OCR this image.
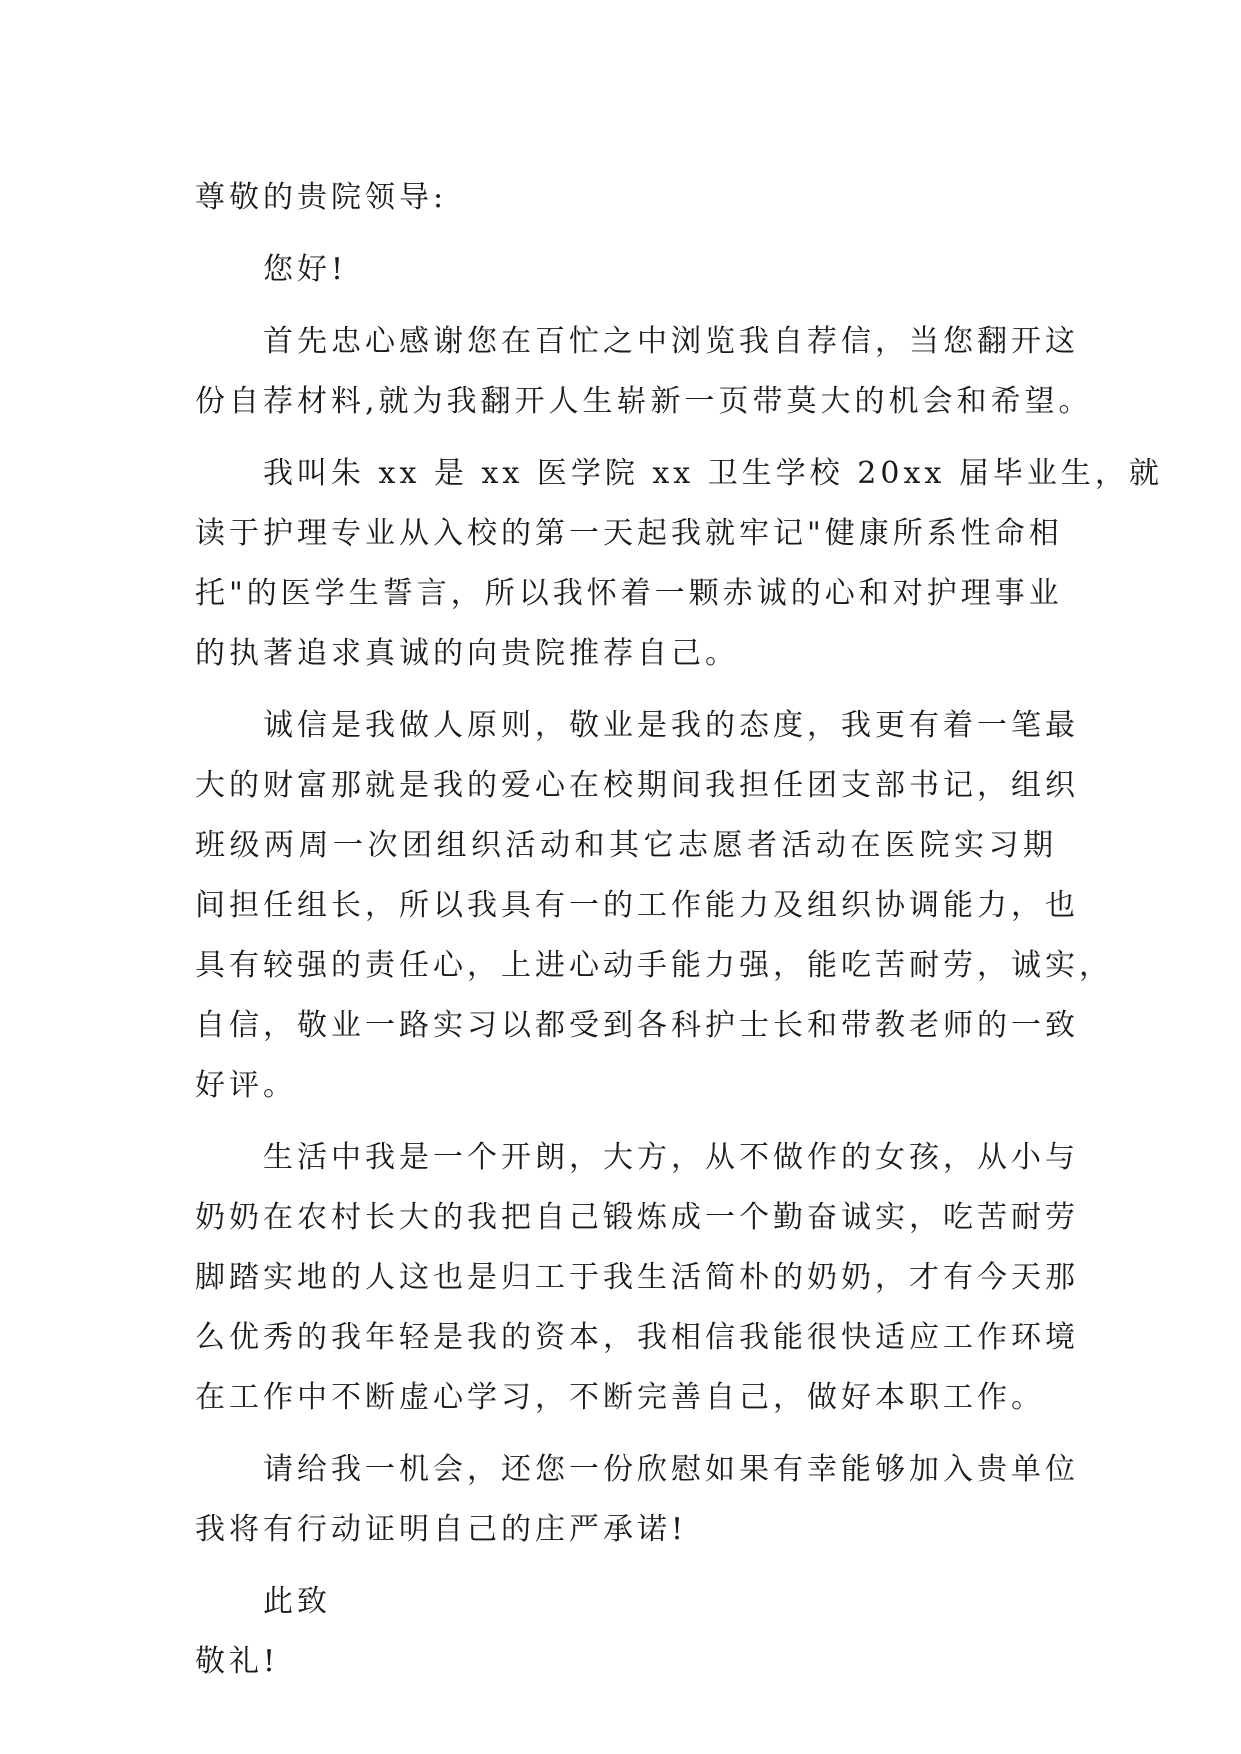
尊敬的贵院领导:
您好!
首先忠心感谢您在百忙之中浏览我自荐信，当您翻开这
份自荐材料,就为我翻开人生崭新一页带莫大的机会和希望。
我叫朱 xx 是 xx 医学院 xx 卫生学校 20xx 届毕业生，就
读于护理专业从入校的第一天起我就牢记"健康所系性命相
托"的医学生誓言，所以我怀着一颗赤诚的心和对护理事业
的执著追求真诚的向贵院推荐自己。
诚信是我做人原则，敬业是我的态度，我更有着一笔最
大的财富那就是我的爱心在校期间我担任团支部书记，组织
班级两周一次团组织活动和其它志愿者活动在医院实习期
间担任组长，所以我具有一的工作能力及组织协调能力，也
具有较强的责任心，上进心动手能力强，能吃苦耐劳，诚实，
自信，敬业一路实习以都受到各科护士长和带教老师的一致
好评。
生活中我是一个开朗，大方，从不做作的女孩，从小与
奶奶在农村长大的我把自己锻炼成一个勤奋诚实，吃苦耐劳
脚踏实地的人这也是归工于我生活简朴的奶奶，才有今天那
么优秀的我年轻是我的资本，我相信我能很快适应工作环境
在工作中不断虚心学习，不断完善自己，做好本职工作。
请给我一机会，还您一份欣慰如果有幸能够加入贵单位
我将有行动证明自己的庄严承诺!
此致
敬礼!
